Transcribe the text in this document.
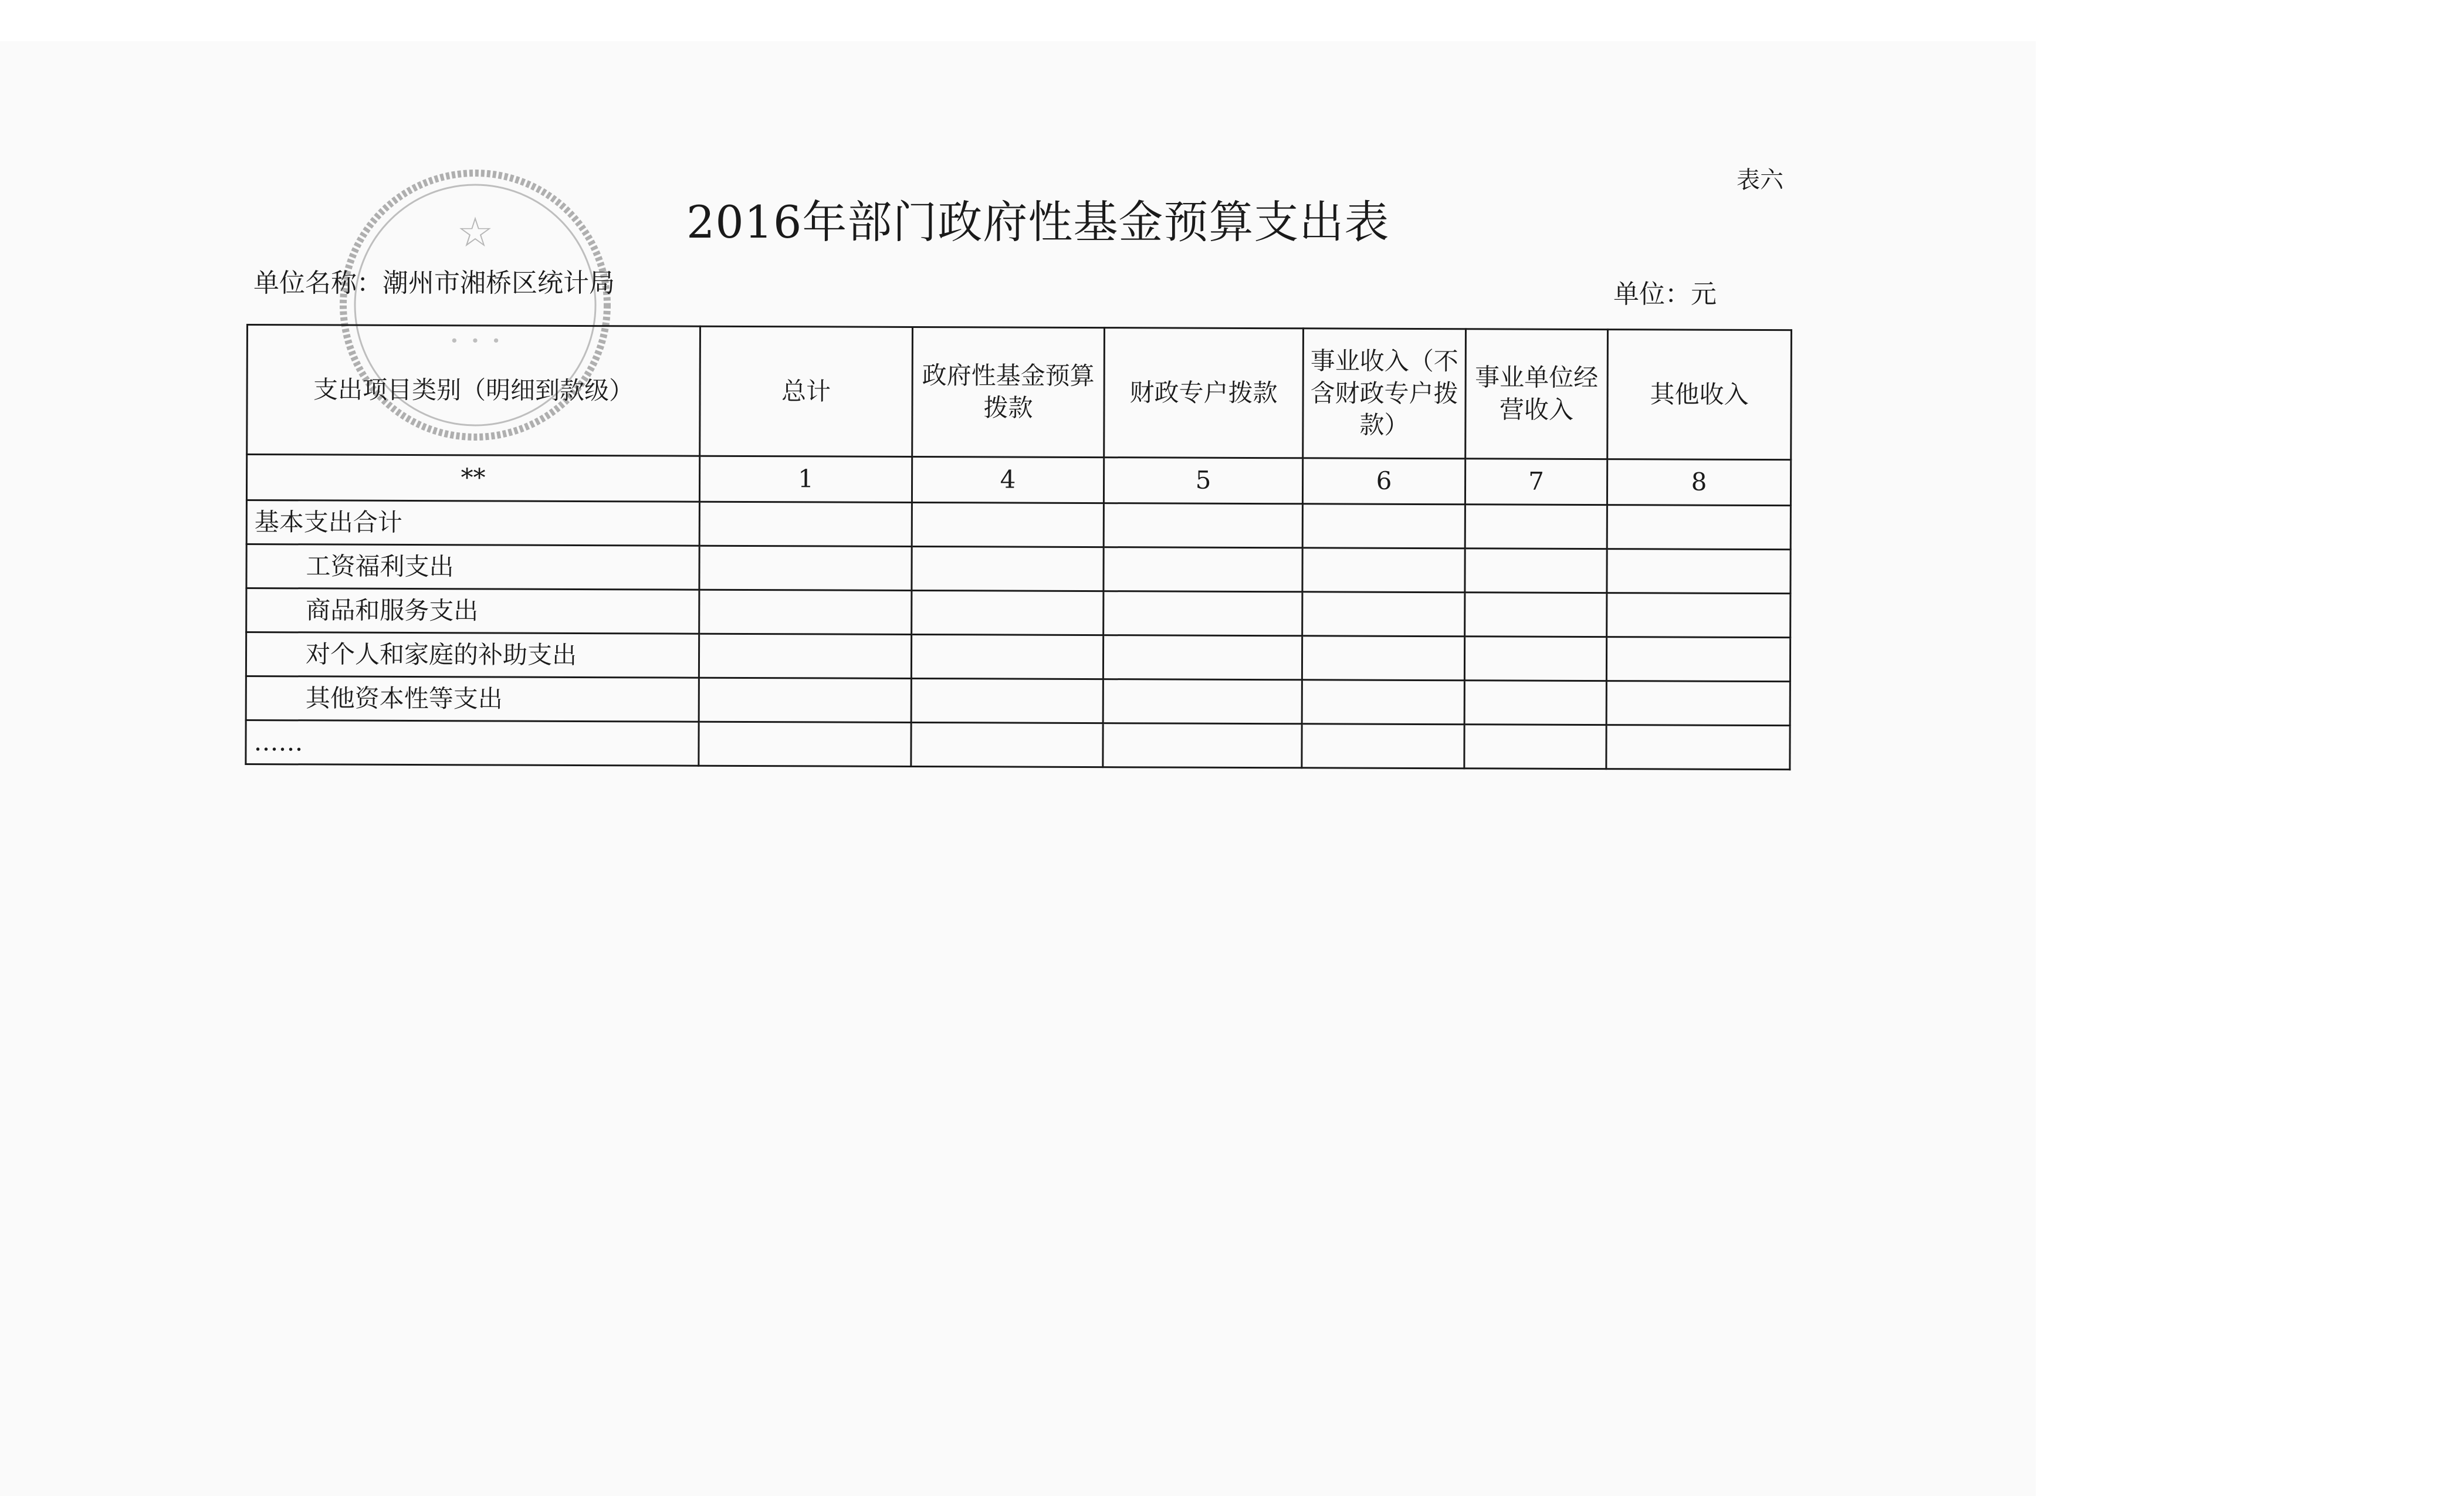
☆
· · ·
表六
2016年部门政府性基金预算支出表
单位名称：潮州市湘桥区统计局	单位：元
支出项目类别（明细到款级）	总计	政府性基金预算拨款	财政专户拨款	事业收入（不含财政专户拨款）	事业单位经营收入	其他收入
**	1	4	5	6	7	8
基本支出合计						
工资福利支出						
商品和服务支出						
对个人和家庭的补助支出						
其他资本性等支出						
……						
